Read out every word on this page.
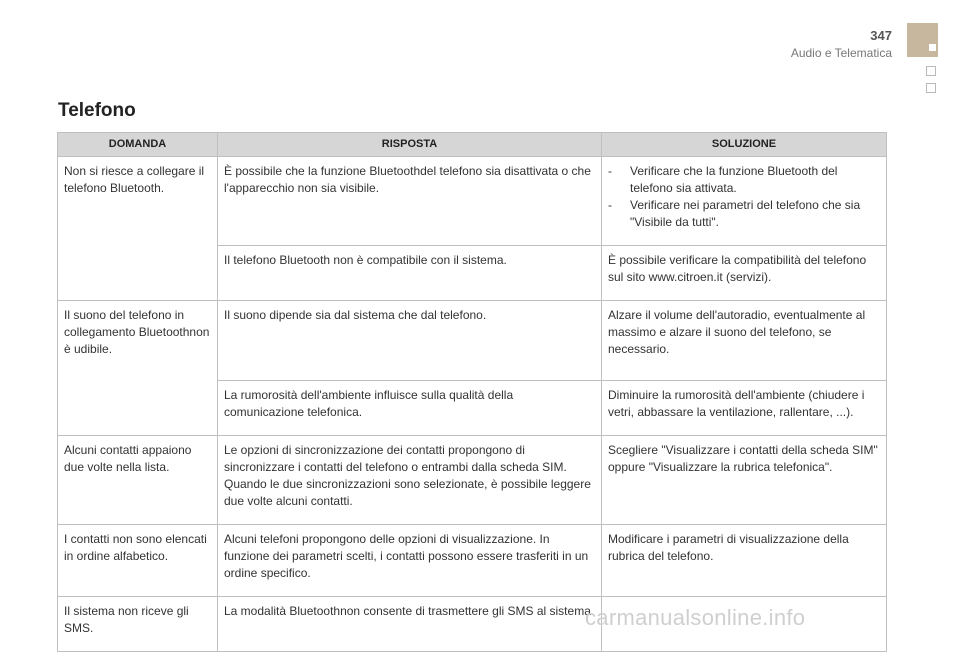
347
Audio e Telematica
Telefono
DOMANDA	RISPOSTA	SOLUZIONE
Non si riesce a collegare il telefono Bluetooth.	È possibile che la funzione Bluetoothdel telefono sia disattivata o che l'apparecchio non sia visibile.	- Verificare che la funzione Bluetooth del telefono sia attivata.
- Verificare nei parametri del telefono che sia "Visibile da tutti".

	Il telefono Bluetooth non è compatibile con il sistema.	È possibile verificare la compatibilità del telefono sul sito www.citroen.it (servizi).
Il suono del telefono in collegamento Bluetoothnon è udibile.	Il suono dipende sia dal sistema che dal telefono.	Alzare il volume dell'autoradio, eventualmente al massimo e alzare il suono del telefono, se necessario.
	La rumorosità dell'ambiente influisce sulla qualità della comunicazione telefonica.	Diminuire la rumorosità dell'ambiente (chiudere i vetri, abbassare la ventilazione, rallentare, ...).
Alcuni contatti appaiono due volte nella lista.	Le opzioni di sincronizzazione dei contatti propongono di sincronizzare i contatti del telefono o entrambi dalla scheda SIM. Quando le due sincronizzazioni sono selezionate, è possibile leggere due volte alcuni contatti.	Scegliere "Visualizzare i contatti della scheda SIM" oppure "Visualizzare la rubrica telefonica".
I contatti non sono elencati in ordine alfabetico.	Alcuni telefoni propongono delle opzioni di visualizzazione. In funzione dei parametri scelti, i contatti possono essere trasferiti in un ordine specifico.	Modificare i parametri di visualizzazione della rubrica del telefono.
Il sistema non riceve gli SMS.	La modalità Bluetoothnon consente di trasmettere gli SMS al sistema.	
carmanualsonline.info
